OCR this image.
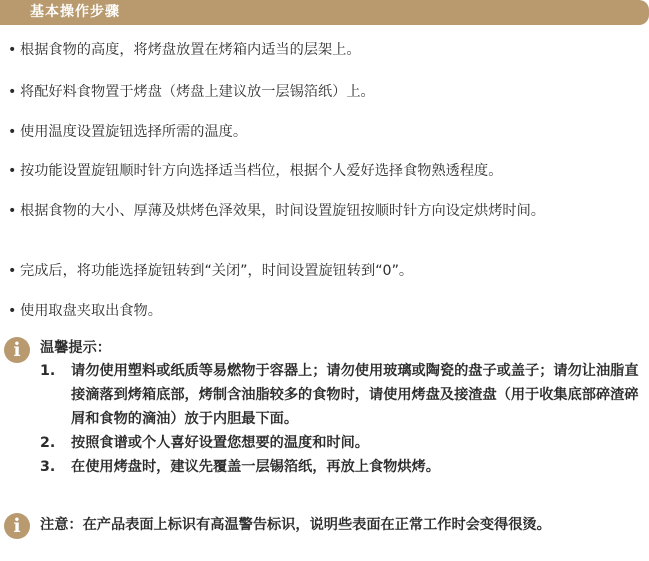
基本操作步骤
• 根据食物的高度，将烤盘放置在烤箱内适当的层架上。
• 将配好料食物置于烤盘（烤盘上建议放一层锡箔纸）上。
• 使用温度设置旋钮选择所需的温度。
• 按功能设置旋钮顺时针方向选择适当档位，根据个人爱好选择食物熟透程度。
• 根据食物的大小、厚薄及烘烤色泽效果，时间设置旋钮按顺时针方向设定烘烤时间。
• 完成后，将功能选择旋钮转到“关闭”，时间设置旋钮转到“0”。
• 使用取盘夹取出食物。
i	温馨提示：
1.	请勿使用塑料或纸质等易燃物于容器上；请勿使用玻璃或陶瓷的盘子或盖子；请勿让油脂直接滴落到烤箱底部，烤制含油脂较多的食物时，请使用烤盘及接渣盘（用于收集底部碎渣碎屑和食物的滴油）放于内胆最下面。
2.	按照食谱或个人喜好设置您想要的温度和时间。
3.	在使用烤盘时，建议先覆盖一层锡箔纸，再放上食物烘烤。
i	注意：在产品表面上标识有高温警告标识，说明些表面在正常工作时会变得很烫。
